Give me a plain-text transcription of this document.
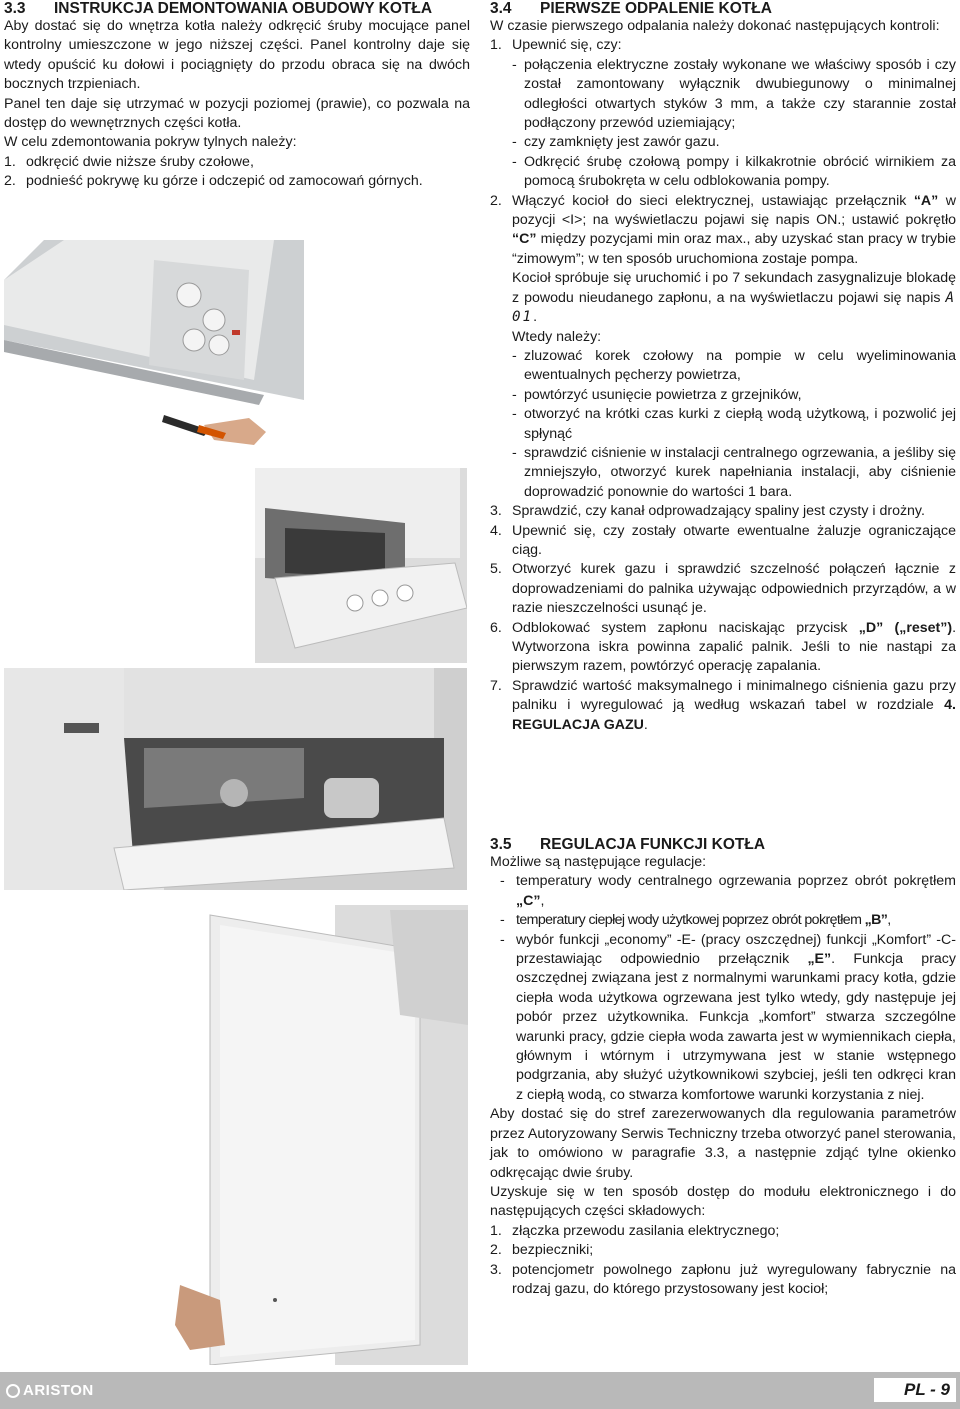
3.3	INSTRUKCJA DEMONTOWANIA OBUDOWY KOTŁA

Aby dostać się do wnętrza kotła należy odkręcić śruby mocujące panel kontrolny umieszczone w jego niższej części. Panel kontrolny daje się wtedy opuścić ku dołowi i pociągnięty do przodu obraca się na dwóch bocznych trzpieniach.

Panel ten daje się utrzymać w pozycji poziomej (prawie), co pozwala na dostęp do wewnętrznych części kotła.

W celu zdemontowania pokryw tylnych należy:

1. odkręcić dwie niższe śruby czołowe,
2. podnieść pokrywę ku górze i odczepić od zamocowań górnych.
3.4	PIERWSZE ODPALENIE KOTŁA

W czasie pierwszego odpalania należy dokonać następujących kontroli:

1. Upewnić się, czy:
- połączenia elektryczne zostały wykonane we właściwy sposób i czy został zamontowany wyłącznik dwubiegunowy o minimalnej odległości otwartych styków 3 mm, a także czy starannie został podłączony przewód uziemiający;
- czy zamknięty jest zawór gazu.
- Odkręcić śrubę czołową pompy i kilkakrotnie obrócić wirnikiem za pomocą śrubokręta w celu odblokowania pompy.
2. Włączyć kocioł do sieci elektrycznej, ustawiając przełącznik “A” w pozycji <I>; na wyświetlaczu pojawi się napis ON.; ustawić pokrętło “C” między pozycjami min oraz max., aby uzyskać stan pracy w trybie “zimowym”; w ten sposób uruchomiona zostaje pompa.
Kocioł spróbuje się uruchomić i po 7 sekundach zasygnalizuje blokadę z powodu nieudanego zapłonu, a na wyświetlaczu pojawi się napis A 01.
Wtedy należy:
- zluzować korek czołowy na pompie w celu wyeliminowania ewentualnych pęcherzy powietrza,
- powtórzyć usunięcie powietrza z grzejników,
- otworzyć na krótki czas kurki z ciepłą wodą użytkową, i pozwolić jej spłynąć
- sprawdzić ciśnienie w instalacji centralnego ogrzewania, a jeśliby się zmniejszyło, otworzyć kurek napełniania instalacji, aby ciśnienie doprowadzić ponownie do wartości 1 bara.
3. Sprawdzić, czy kanał odprowadzający spaliny jest czysty i drożny.
4. Upewnić się, czy zostały otwarte ewentualne żaluzje ograniczające ciąg.
5. Otworzyć kurek gazu i sprawdzić szczelność połączeń łącznie z doprowadzeniami do palnika używając odpowiednich przyrządów, a w razie nieszczelności usunąć je.
6. Odblokować system zapłonu naciskając przycisk „D” („reset”). Wytworzona iskra powinna zapalić palnik. Jeśli to nie nastąpi za pierwszym razem, powtórzyć operację zapalania.
7. Sprawdzić wartość maksymalnego i minimalnego ciśnienia gazu przy palniku i wyregulować ją według wskazań tabel w rozdziale 4. REGULACJA GAZU.
3.5	REGULACJA FUNKCJI KOTŁA

Możliwe są następujące regulacje:

- temperatury wody centralnego ogrzewania poprzez obrót pokrętłem „C”,
- temperatury ciepłej wody użytkowej poprzez obrót pokrętłem „B”,
- wybór funkcji „economy” -E- (pracy oszczędnej) funkcji „Komfort” -C- przestawiając odpowiednio przełącznik „E”. Funkcja pracy oszczędnej związana jest z normalnymi warunkami pracy kotła, gdzie ciepła woda użytkowa ogrzewana jest tylko wtedy, gdy następuje jej pobór przez użytkownika. Funkcja „komfort” stwarza szczególne warunki pracy, gdzie ciepła woda zawarta jest w wymiennikach ciepła, głównym i wtórnym i utrzymywana jest w stanie wstępnego podgrzania, aby służyć użytkownikowi szybciej, jeśli ten odkręci kran z ciepłą wodą, co stwarza komfortowe warunki korzystania z niej.

Aby dostać się do stref zarezerwowanych dla regulowania parametrów przez Autoryzowany Serwis Techniczny trzeba otworzyć panel sterowania, jak to omówiono w paragrafie 3.3, a następnie zdjąć tylne okienko odkręcając dwie śruby.

Uzyskuje się w ten sposób dostęp do modułu elektronicznego i do następujących części składowych:

1. złączka przewodu zasilania elektrycznego;
2. bezpieczniki;
3. potencjometr powolnego zapłonu już wyregulowany fabrycznie na rodzaj gazu, do którego przystosowany jest kocioł;
ARISTON	PL - 9
